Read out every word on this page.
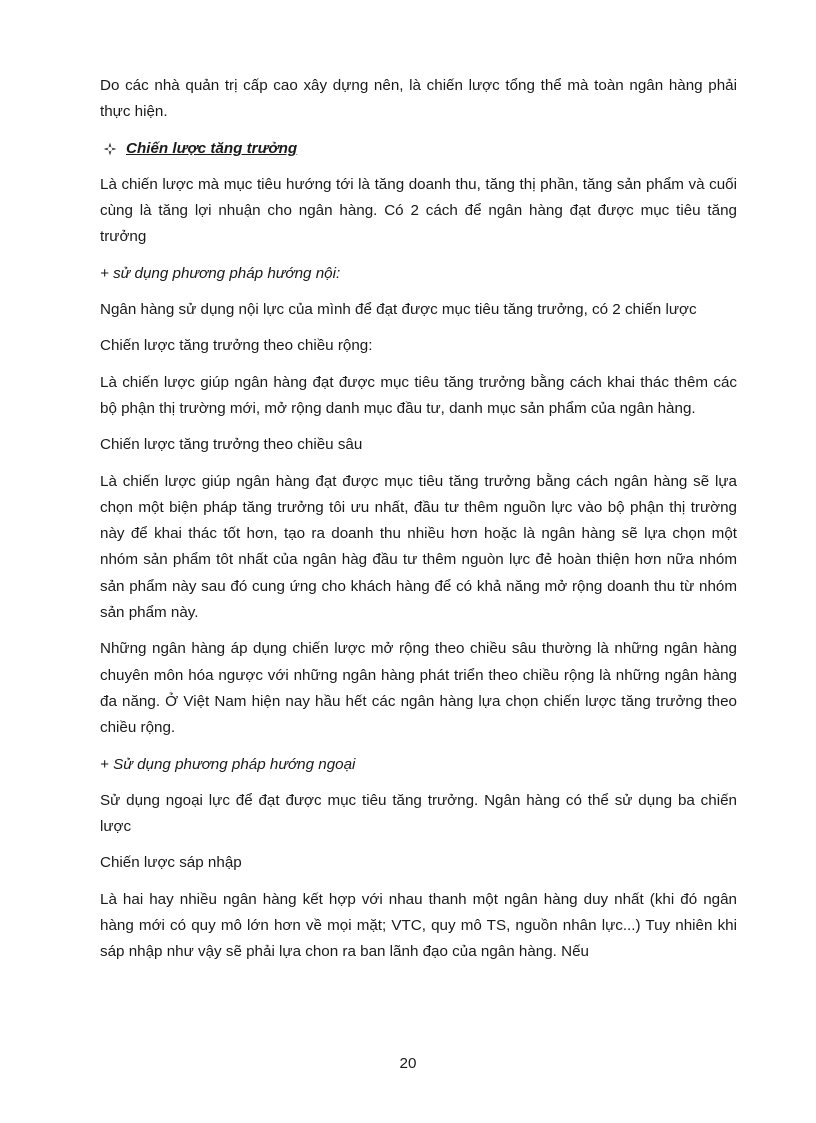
Do các nhà quản trị cấp cao xây dựng nên, là chiến lược tổng thể mà toàn ngân hàng phải thực hiện.

Chiến lược tăng trưởng

Là chiến lược mà mục tiêu hướng tới là tăng doanh thu, tăng thị phần, tăng sản phẩm và cuối cùng là tăng lợi nhuận cho ngân hàng. Có 2 cách để ngân hàng đạt được mục tiêu tăng trưởng

+ sử dụng phương pháp hướng nội:

Ngân hàng sử dụng nội lực của mình để đạt được mục tiêu tăng trưởng, có 2 chiến lược

Chiến lược tăng trưởng theo chiều rộng:

Là chiến lược giúp ngân hàng đạt được mục tiêu tăng trưởng bằng cách khai thác thêm các bộ phận thị trường mới, mở rộng danh mục đầu tư, danh mục sản phẩm của ngân hàng.

Chiến lược tăng trưởng theo chiều sâu

Là chiến lược giúp ngân hàng đạt được mục tiêu tăng trưởng bằng cách ngân hàng sẽ lựa chọn một biện pháp tăng trưởng tôi ưu nhất, đầu tư thêm nguồn lực vào bộ phận thị trường này để khai thác tốt hơn, tạo ra doanh thu nhiều hơn hoặc là ngân hàng sẽ lựa chọn một nhóm sản phẩm tôt nhất của ngân hàg đầu tư thêm nguòn lực đẻ hoàn thiện hơn nữa nhóm sản phẩm này sau đó cung ứng cho khách hàng để có khả năng mở rộng doanh thu từ nhóm sản phẩm này.

Những ngân hàng áp dụng chiến lược mở rộng theo chiều sâu thường là những ngân hàng chuyên môn hóa ngược với những ngân hàng phát triển theo chiều rộng là những ngân hàng đa năng. Ở Việt Nam hiện nay hầu hết các ngân hàng lựa chọn chiến lược tăng trưởng theo chiều rộng.

+ Sử dụng phương pháp hướng ngoại

Sử dụng ngoại lực để đạt được mục tiêu tăng trưởng. Ngân hàng có thể sử dụng ba chiến lược

Chiến lược sáp nhập

Là hai hay nhiều ngân hàng kết hợp với nhau thanh một ngân hàng duy nhất (khi đó ngân hàng mới có quy mô lớn hơn về mọi mặt; VTC, quy mô TS, nguồn nhân lực...) Tuy nhiên khi sáp nhập như vậy sẽ phải lựa chon ra ban lãnh đạo của ngân hàng. Nếu

20
